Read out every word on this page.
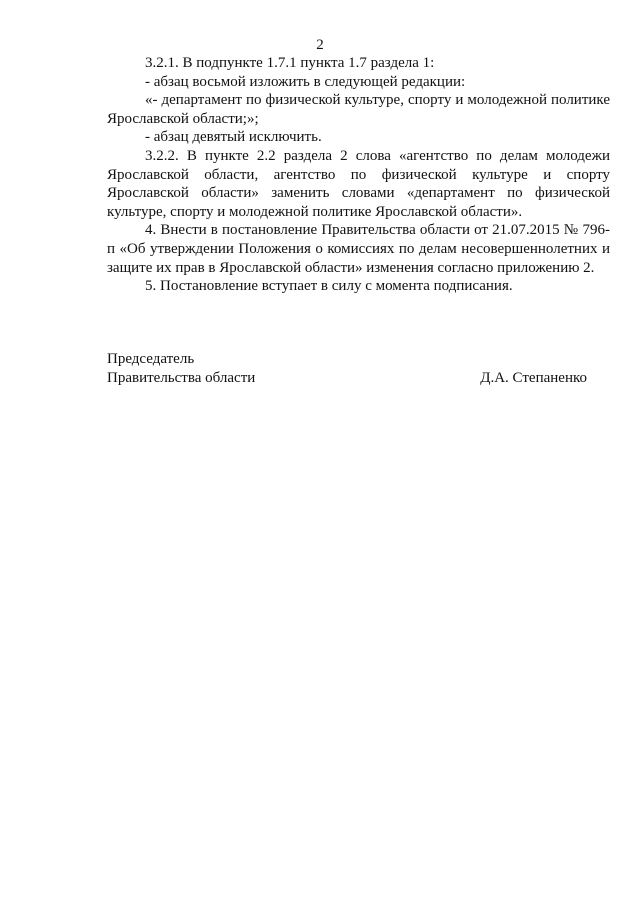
2

3.2.1. В подпункте 1.7.1 пункта 1.7 раздела 1:

- абзац восьмой изложить в следующей редакции:

«- департамент по физической культуре, спорту и молодежной политике Ярославской области;»;

- абзац девятый исключить.

3.2.2. В пункте 2.2 раздела 2 слова «агентство по делам молодежи Ярославской области, агентство по физической культуре и спорту Ярославской области» заменить словами «департамент по физической культуре, спорту и молодежной политике Ярославской области».

4. Внести в постановление Правительства области от 21.07.2015 № 796-п «Об утверждении Положения о комиссиях по делам несовершеннолетних и защите их прав в Ярославской области» изменения согласно приложению 2.

5. Постановление вступает в силу с момента подписания.

Председатель
Правительства области	Д.А. Степаненко
